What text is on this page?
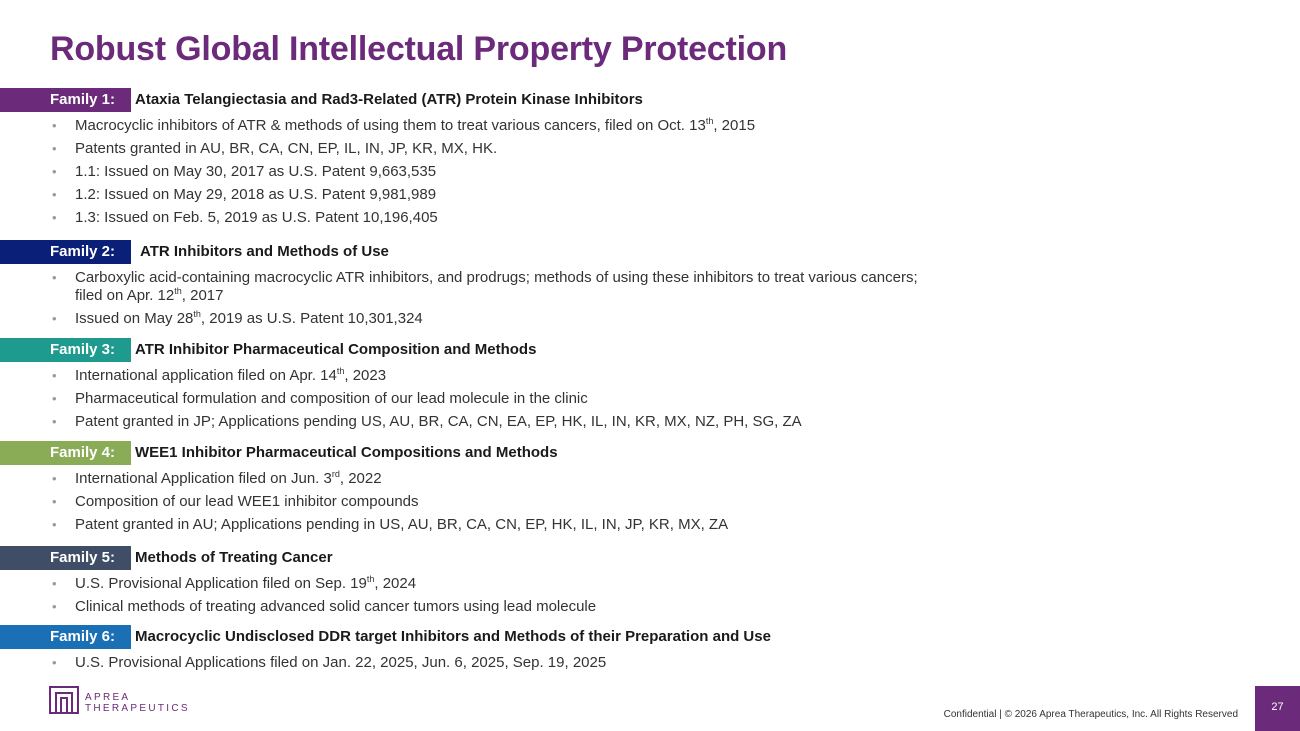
Robust Global Intellectual Property Protection
Family 1:	Ataxia Telangiectasia and Rad3-Related (ATR) Protein Kinase Inhibitors
• Macrocyclic inhibitors of ATR & methods of using them to treat various cancers, filed on Oct. 13th, 2015
• Patents granted in AU, BR, CA, CN, EP, IL, IN, JP, KR, MX, HK.
• 1.1: Issued on May 30, 2017 as U.S. Patent 9,663,535
• 1.2: Issued on May 29, 2018 as U.S. Patent 9,981,989
• 1.3: Issued on Feb. 5, 2019 as U.S. Patent 10,196,405
Family 2:	ATR Inhibitors and Methods of Use
• Carboxylic acid-containing macrocyclic ATR inhibitors, and prodrugs; methods of using these inhibitors to treat various cancers;
filed on Apr. 12th, 2017
• Issued on May 28th, 2019 as U.S. Patent 10,301,324
Family 3:	ATR Inhibitor Pharmaceutical Composition and Methods
• International application filed on Apr. 14th, 2023
• Pharmaceutical formulation and composition of our lead molecule in the clinic
• Patent granted in JP; Applications pending US, AU, BR, CA, CN, EA, EP, HK, IL, IN, KR, MX, NZ, PH, SG, ZA
Family 4:	WEE1 Inhibitor Pharmaceutical Compositions and Methods
• International Application filed on Jun. 3rd, 2022
• Composition of our lead WEE1 inhibitor compounds
• Patent granted in AU; Applications pending in US, AU, BR, CA, CN, EP, HK, IL, IN, JP, KR, MX, ZA
Family 5:	Methods of Treating Cancer
• U.S. Provisional Application filed on Sep. 19th, 2024
• Clinical methods of treating advanced solid cancer tumors using lead molecule
Family 6:	Macrocyclic Undisclosed DDR target Inhibitors and Methods of their Preparation and Use
• U.S. Provisional Applications filed on Jan. 22, 2025, Jun. 6, 2025, Sep. 19, 2025
APREA
THERAPEUTICS
Confidential | © 2026 Aprea Therapeutics, Inc. All Rights Reserved
27
